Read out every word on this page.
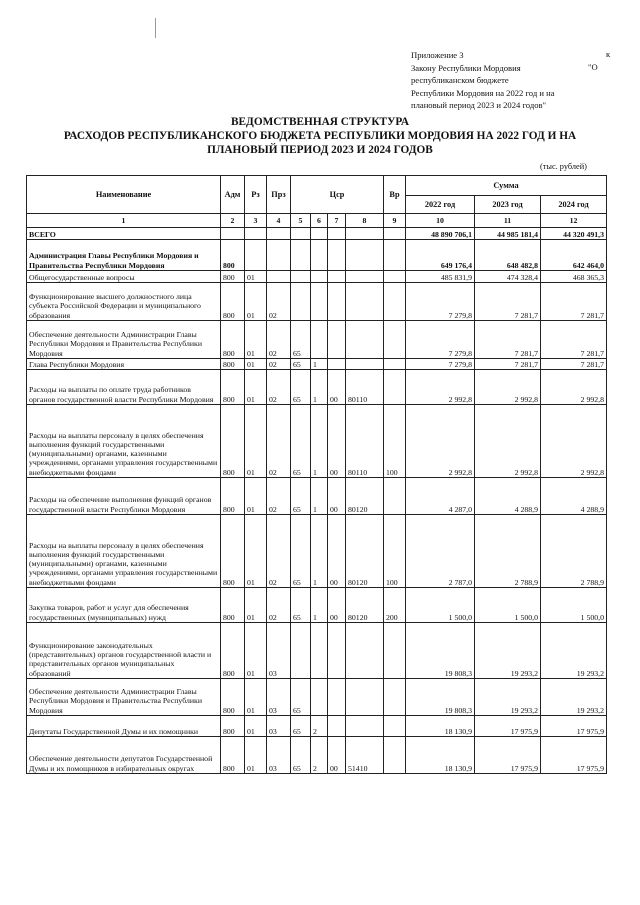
Приложение 3
Закону Республики Мордовия
республиканском бюджете
Республики Мордовия на 2022 год и на
плановый период 2023 и 2024 годов"
к
"О
ВЕДОМСТВЕННАЯ СТРУКТУРА
РАСХОДОВ РЕСПУБЛИКАНСКОГО БЮДЖЕТА РЕСПУБЛИКИ МОРДОВИЯ НА 2022 ГОД И НА
ПЛАНОВЫЙ ПЕРИОД 2023 И 2024 ГОДОВ
(тыс. рублей)
Наименование	Адм	Рз	Прз	Цср				Вр	Сумма		
									2022 год	2023 год	2024 год
1	2	3	4	5	6	7	8	9	10	11	12
ВСЕГО									48 890 706,1	44 985 181,4	44 320 491,3
Администрация Главы Республики Мордовия и Правительства Республики Мордовия	800								649 176,4	648 482,8	642 464,0
Общегосударственные вопросы	800	01							485 831,9	474 328,4	468 365,3
Функционирование высшего должностного лица субъекта Российской Федерации и муниципального образования	800	01	02						7 279,8	7 281,7	7 281,7
Обеспечение деятельности Администрации Главы Республики Мордовия и Правительства Республики Мордовия	800	01	02	65					7 279,8	7 281,7	7 281,7
Глава Республики Мордовия	800	01	02	65	1				7 279,8	7 281,7	7 281,7
Расходы на выплаты по оплате труда работников органов государственной власти Республики Мордовия	800	01	02	65	1	00	80110		2 992,8	2 992,8	2 992,8
Расходы на выплаты персоналу в целях обеспечения выполнения функций государственными (муниципальными) органами, казенными учреждениями, органами управления государственными внебюджетными фондами	800	01	02	65	1	00	80110	100	2 992,8	2 992,8	2 992,8
Расходы на обеспечение выполнения функций органов государственной власти Республики Мордовия	800	01	02	65	1	00	80120		4 287,0	4 288,9	4 288,9
Расходы на выплаты персоналу в целях обеспечения выполнения функций государственными (муниципальными) органами, казенными учреждениями, органами управления государственными внебюджетными фондами	800	01	02	65	1	00	80120	100	2 787,0	2 788,9	2 788,9
Закупка товаров, работ и услуг для обеспечения государственных (муниципальных) нужд	800	01	02	65	1	00	80120	200	1 500,0	1 500,0	1 500,0
Функционирование законодательных (представительных) органов государственной власти и представительных органов муниципальных образований	800	01	03						19 808,3	19 293,2	19 293,2
Обеспечение деятельности Администрации Главы Республики Мордовия и Правительства Республики Мордовия	800	01	03	65					19 808,3	19 293,2	19 293,2
Депутаты Государственной Думы и их помощники	800	01	03	65	2				18 130,9	17 975,9	17 975,9
Обеспечение деятельности депутатов Государственной Думы и их помощников в избирательных округах	800	01	03	65	2	00	51410		18 130,9	17 975,9	17 975,9
